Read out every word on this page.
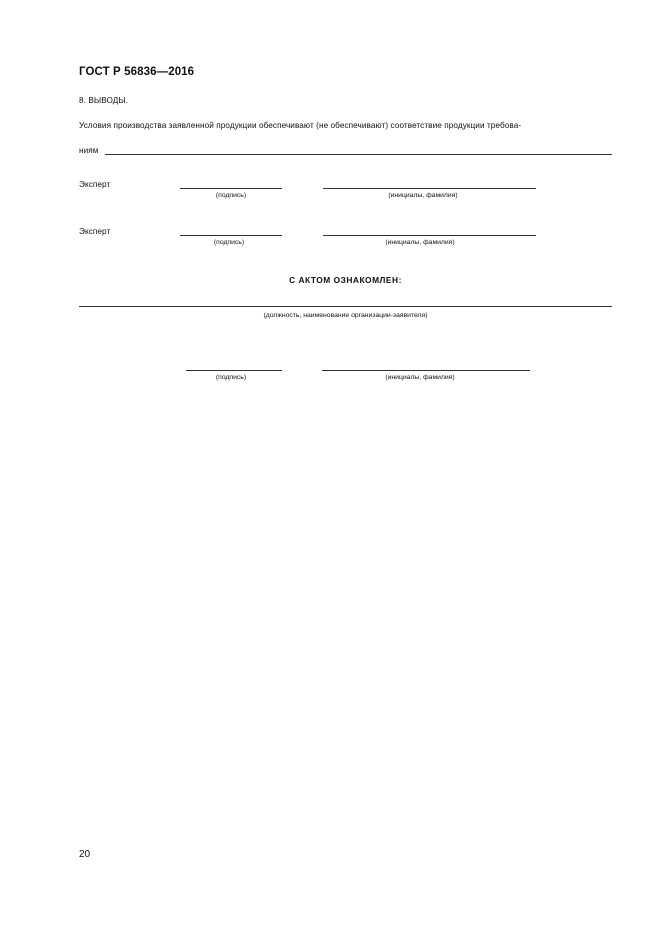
ГОСТ Р 56836—2016
8. ВЫВОДЫ.
Условия производства заявленной продукции обеспечивают (не обеспечивают) соответствие продукции требова-
ниям
Эксперт
(подпись)	(инициалы, фамилия)
Эксперт
(подпись)	(инициалы, фамилия)
С АКТОМ ОЗНАКОМЛЕН:
(должность, наименование организации-заявителя)
(подпись)	(инициалы, фамилия)
20
